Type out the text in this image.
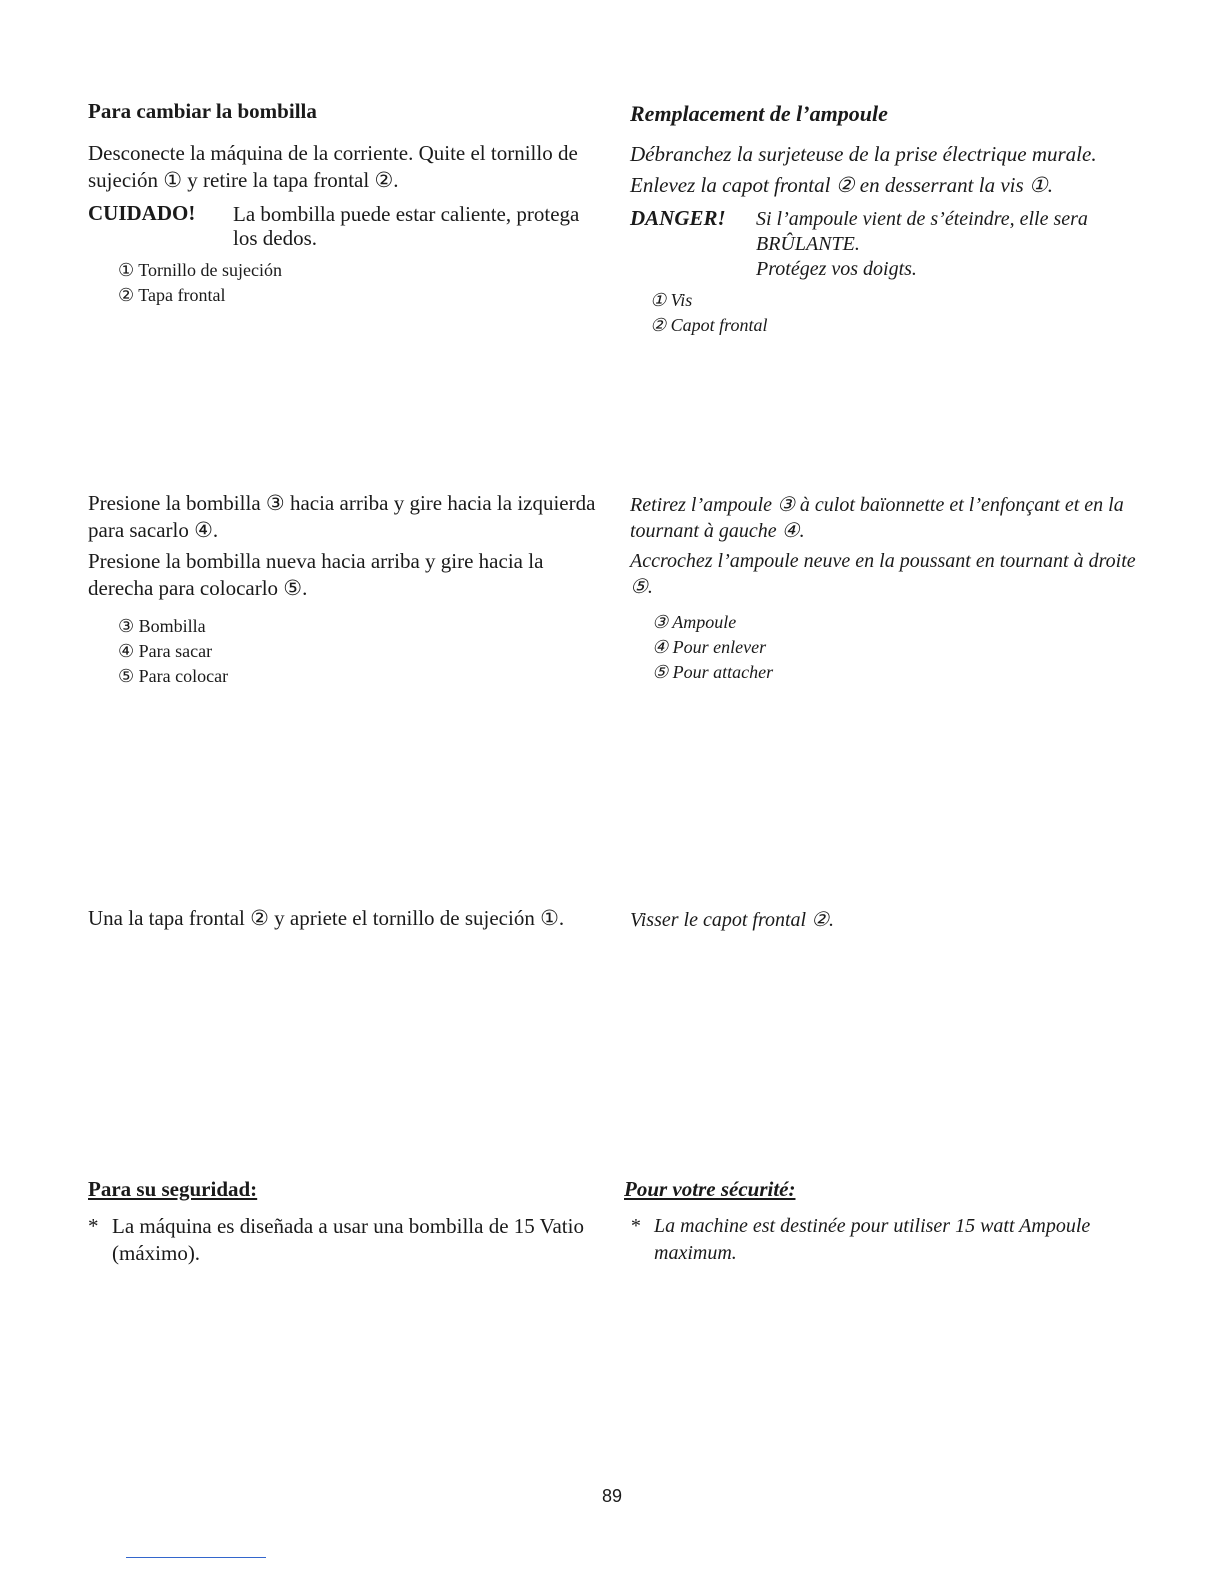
Para cambiar la bombilla

Desconecte la máquina de la corriente. Quite el tornillo de sujeción ① y retire la tapa frontal ②.

CUIDADO!	La bombilla puede estar caliente, protega los dedos.
① Tornillo de sujeción
② Tapa frontal

Presione la bombilla ③ hacia arriba y gire hacia la izquierda para sacarlo ④.

Presione la bombilla nueva hacia arriba y gire hacia la derecha para colocarlo ⑤.

③ Bombilla
④ Para sacar
⑤ Para colocar

Una la tapa frontal ② y apriete el tornillo de sujeción ①.

Para su seguridad:

* La máquina es diseñada a usar una bombilla de 15 Vatio (máximo).

Remplacement de l’ampoule

Débranchez la surjeteuse de la prise électrique murale.

Enlevez la capot frontal ② en desserrant la vis ①.

DANGER!	Si l’ampoule vient de s’éteindre, elle sera
BRÛLANTE.
Protégez vos doigts.
① Vis
② Capot frontal

Retirez l’ampoule ③ à culot baïonnette et l’enfonçant et en la tournant à gauche ④.

Accrochez l’ampoule neuve en la poussant en tournant à droite ⑤.

③ Ampoule
④ Pour enlever
⑤ Pour attacher

Visser le capot frontal ②.

Pour votre sécurité:

* La machine est destinée pour utiliser 15 watt Ampoule maximum.
89
